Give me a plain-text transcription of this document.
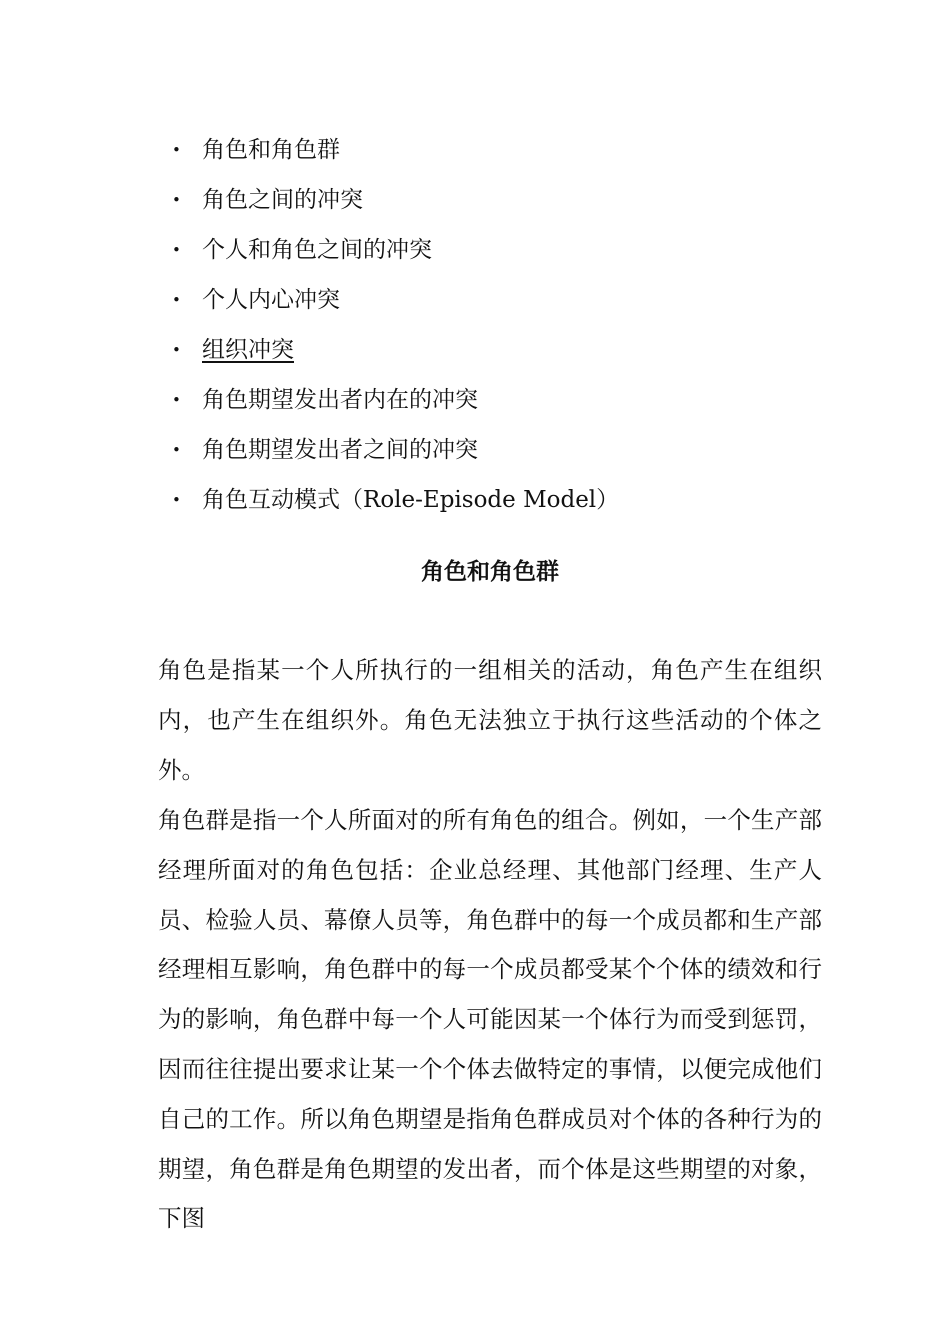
• 角色和角色群
• 角色之间的冲突
• 个人和角色之间的冲突
• 个人内心冲突
• 组织冲突
• 角色期望发出者内在的冲突
• 角色期望发出者之间的冲突
• 角色互动模式（Role-Episode Model）
角色和角色群

角色是指某一个人所执行的一组相关的活动，角色产生在组织内，也产生在组织外。角色无法独立于执行这些活动的个体之外。

角色群是指一个人所面对的所有角色的组合。例如，一个生产部经理所面对的角色包括：企业总经理、其他部门经理、生产人员、检验人员、幕僚人员等，角色群中的每一个成员都和生产部经理相互影响，角色群中的每一个成员都受某个个体的绩效和行为的影响，角色群中每一个人可能因某一个体行为而受到惩罚，因而往往提出要求让某一个个体去做特定的事情，以便完成他们自己的工作。所以角色期望是指角色群成员对个体的各种行为的期望，角色群是角色期望的发出者，而个体是这些期望的对象，下图
